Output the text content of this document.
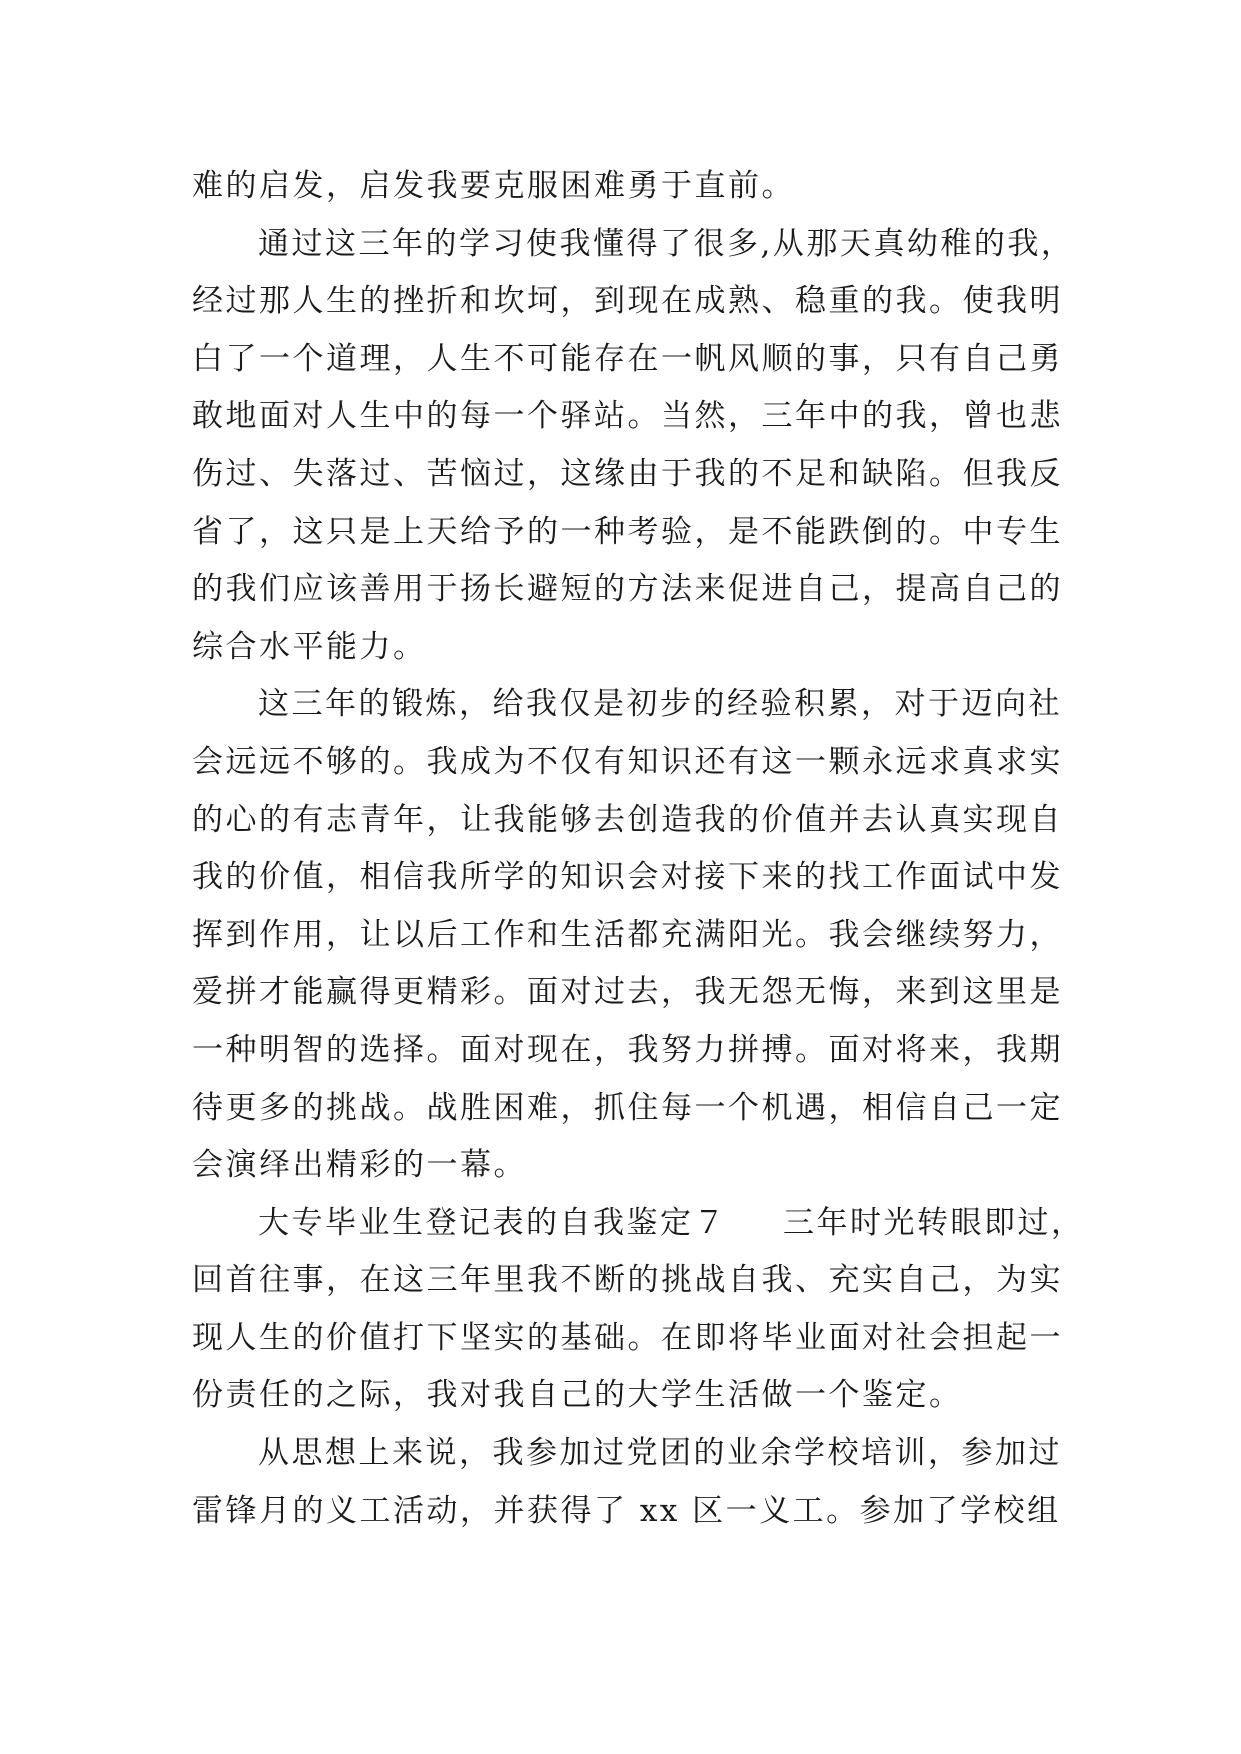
难的启发，启发我要克服困难勇于直前。
通过这三年的学习使我懂得了很多,从那天真幼稚的我，
经过那人生的挫折和坎坷，到现在成熟、稳重的我。使我明
白了一个道理，人生不可能存在一帆风顺的事，只有自己勇
敢地面对人生中的每一个驿站。当然，三年中的我，曾也悲
伤过、失落过、苦恼过，这缘由于我的不足和缺陷。但我反
省了，这只是上天给予的一种考验，是不能跌倒的。中专生
的我们应该善用于扬长避短的方法来促进自己，提高自己的
综合水平能力。
这三年的锻炼，给我仅是初步的经验积累，对于迈向社
会远远不够的。我成为不仅有知识还有这一颗永远求真求实
的心的有志青年，让我能够去创造我的价值并去认真实现自
我的价值，相信我所学的知识会对接下来的找工作面试中发
挥到作用，让以后工作和生活都充满阳光。我会继续努力，
爱拼才能赢得更精彩。面对过去，我无怨无悔，来到这里是
一种明智的选择。面对现在，我努力拼搏。面对将来，我期
待更多的挑战。战胜困难，抓住每一个机遇，相信自己一定
会演绎出精彩的一幕。
大专毕业生登记表的自我鉴定７ 三年时光转眼即过，
回首往事，在这三年里我不断的挑战自我、充实自己，为实
现人生的价值打下坚实的基础。在即将毕业面对社会担起一
份责任的之际，我对我自己的大学生活做一个鉴定。
从思想上来说，我参加过党团的业余学校培训，参加过
雷锋月的义工活动，并获得了 xx 区一义工。参加了学校组
